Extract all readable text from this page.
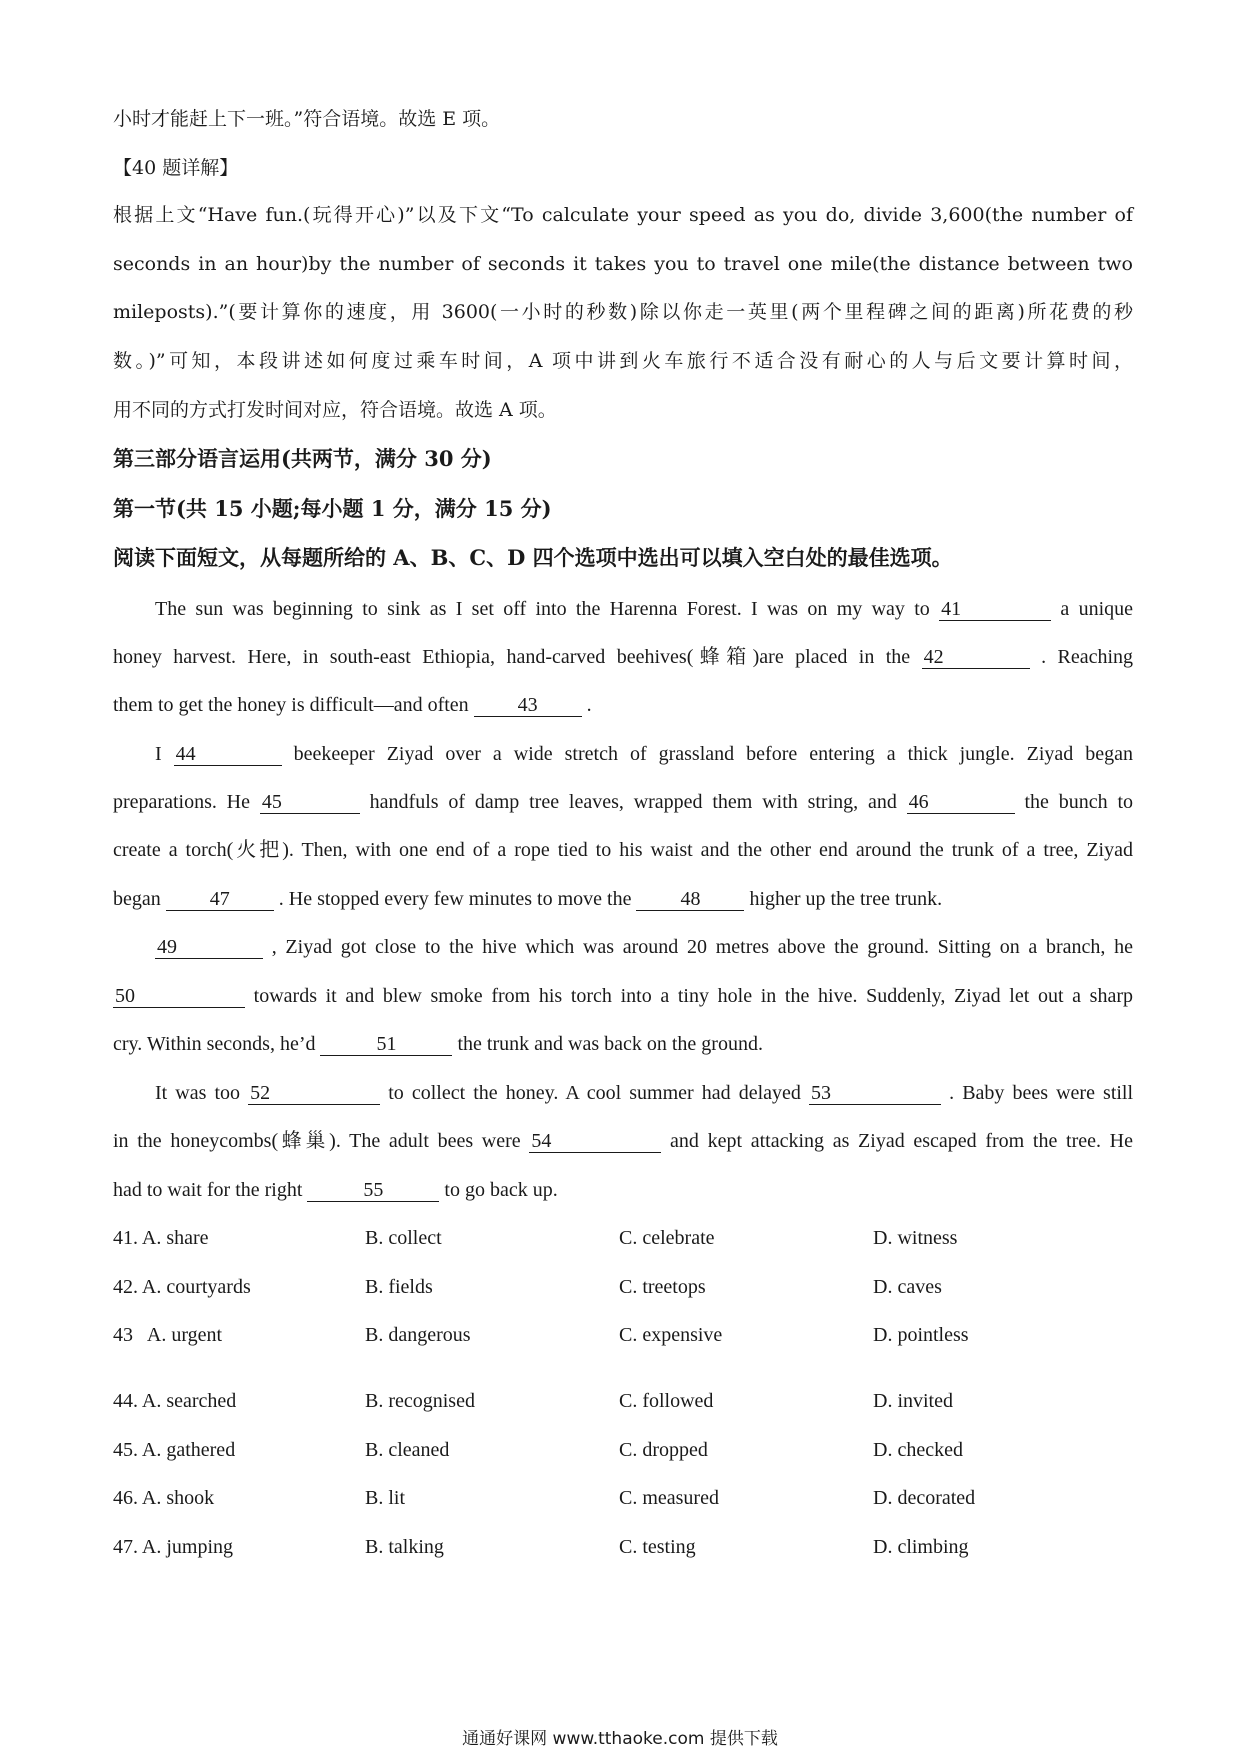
小时才能赶上下一班。”符合语境。故选 E 项。
【40 题详解】
根据上文“Have fun.(玩得开心)”以及下文“To calculate your speed as you do, divide 3,600(the number of
seconds in an hour)by the number of seconds it takes you to travel one mile(the distance between two
mileposts).”(要计算你的速度，用 3600(一小时的秒数)除以你走一英里(两个里程碑之间的距离)所花费的秒
数。)”可知，本段讲述如何度过乘车时间，A 项中讲到火车旅行不适合没有耐心的人与后文要计算时间，
用不同的方式打发时间对应，符合语境。故选 A 项。
第三部分语言运用(共两节，满分 30 分)
第一节(共 15 小题;每小题 1 分，满分 15 分)
阅读下面短文，从每题所给的 A、B、C、D 四个选项中选出可以填入空白处的最佳选项。
The sun was beginning to sink as I set off into the Harenna Forest. I was on my way to 41	a unique
honey harvest. Here, in south-east Ethiopia, hand-carved beehives(蜂箱)are placed in the 42	. Reaching
them to get the honey is difficult—and often 43 .
I 44	beekeeper Ziyad over a wide stretch of grassland before entering a thick jungle. Ziyad began
preparations. He 45	handfuls of damp tree leaves, wrapped them with string, and 46	the bunch to
create a torch(火把). Then, with one end of a rope tied to his waist and the other end around the trunk of a tree, Ziyad
began 47 . He stopped every few minutes to move the 48 higher up the tree trunk.
49	, Ziyad got close to the hive which was around 20 metres above the ground. Sitting on a branch, he
50	towards it and blew smoke from his torch into a tiny hole in the hive. Suddenly, Ziyad let out a sharp
cry. Within seconds, he’d	51	the trunk and was back on the ground.
It was too 52	to collect the honey. A cool summer had delayed 53	. Baby bees were still
in the honeycombs(蜂巢). The adult bees were 54	and kept attacking as Ziyad escaped from the tree. He
had to wait for the right	55	to go back up.
41. A. share	B. collect	C. celebrate	D. witness
42. A. courtyards	B. fields	C. treetops	D. caves
43   A. urgent	B. dangerous	C. expensive	D. pointless
44. A. searched	B. recognised	C. followed	D. invited
45. A. gathered	B. cleaned	C. dropped	D. checked
46. A. shook	B. lit	C. measured	D. decorated
47. A. jumping	B. talking	C. testing	D. climbing
通通好课网 www.tthaoke.com 提供下载
